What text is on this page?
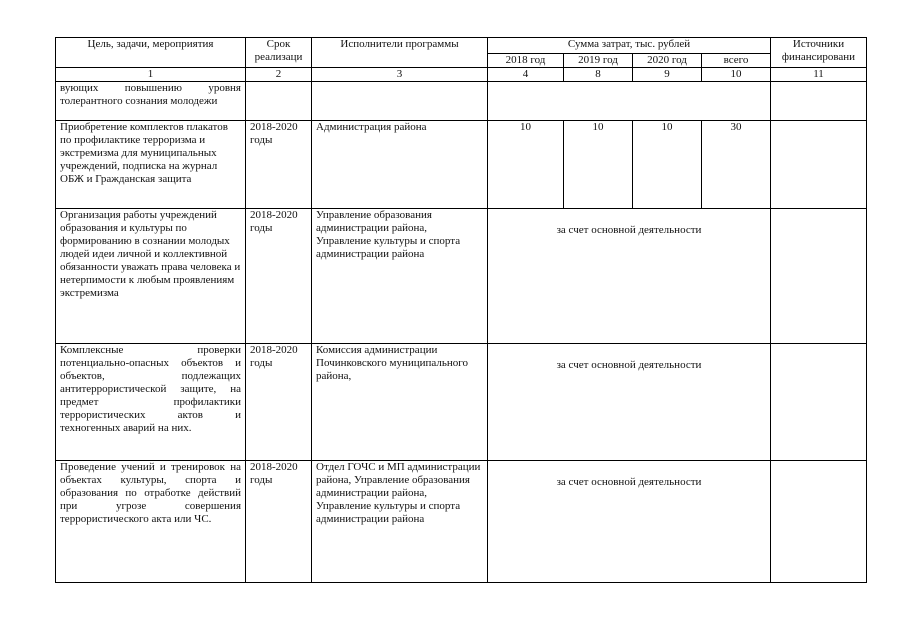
Цель, задачи, мероприятия	Срок реализаци	Исполнители программы	Сумма затрат, тыс. рублей				Источники финансировани
			2018 год	2019 год	2020 год	всего	
1	2	3	4	8	9	10	11
вующих повышению уровня толерантного сознания молодежи							
Приобретение комплектов плакатов по профилактике терроризма и экстремизма для муниципальных учреждений, подписка на журнал ОБЖ и Гражданская защита	2018-2020 годы	Администрация района	10	10	10	30	
Организация работы учреждений образования и культуры по формированию в сознании молодых людей идеи личной и коллективной обязанности уважать права человека и нетерпимости к любым проявлениям экстремизма	2018-2020 годы	Управление образования администрации района, Управление культуры и спорта администрации района	за счет основной деятельности				
Комплексные проверки потенциально-опасных объектов и объектов, подлежащих антитеррористической защите, на предмет профилактики террористических актов и техногенных аварий на них.	2018-2020 годы	Комиссия администрации Починковского муниципального района,	за счет основной деятельности				
Проведение учений и тренировок на объектах культуры, спорта и образования по отработке действий при угрозе совершения террористического акта или ЧС.	2018-2020 годы	Отдел ГОЧС и МП администрации района, Управление образования администрации района, Управление культуры и спорта администрации района	за счет основной деятельности				
